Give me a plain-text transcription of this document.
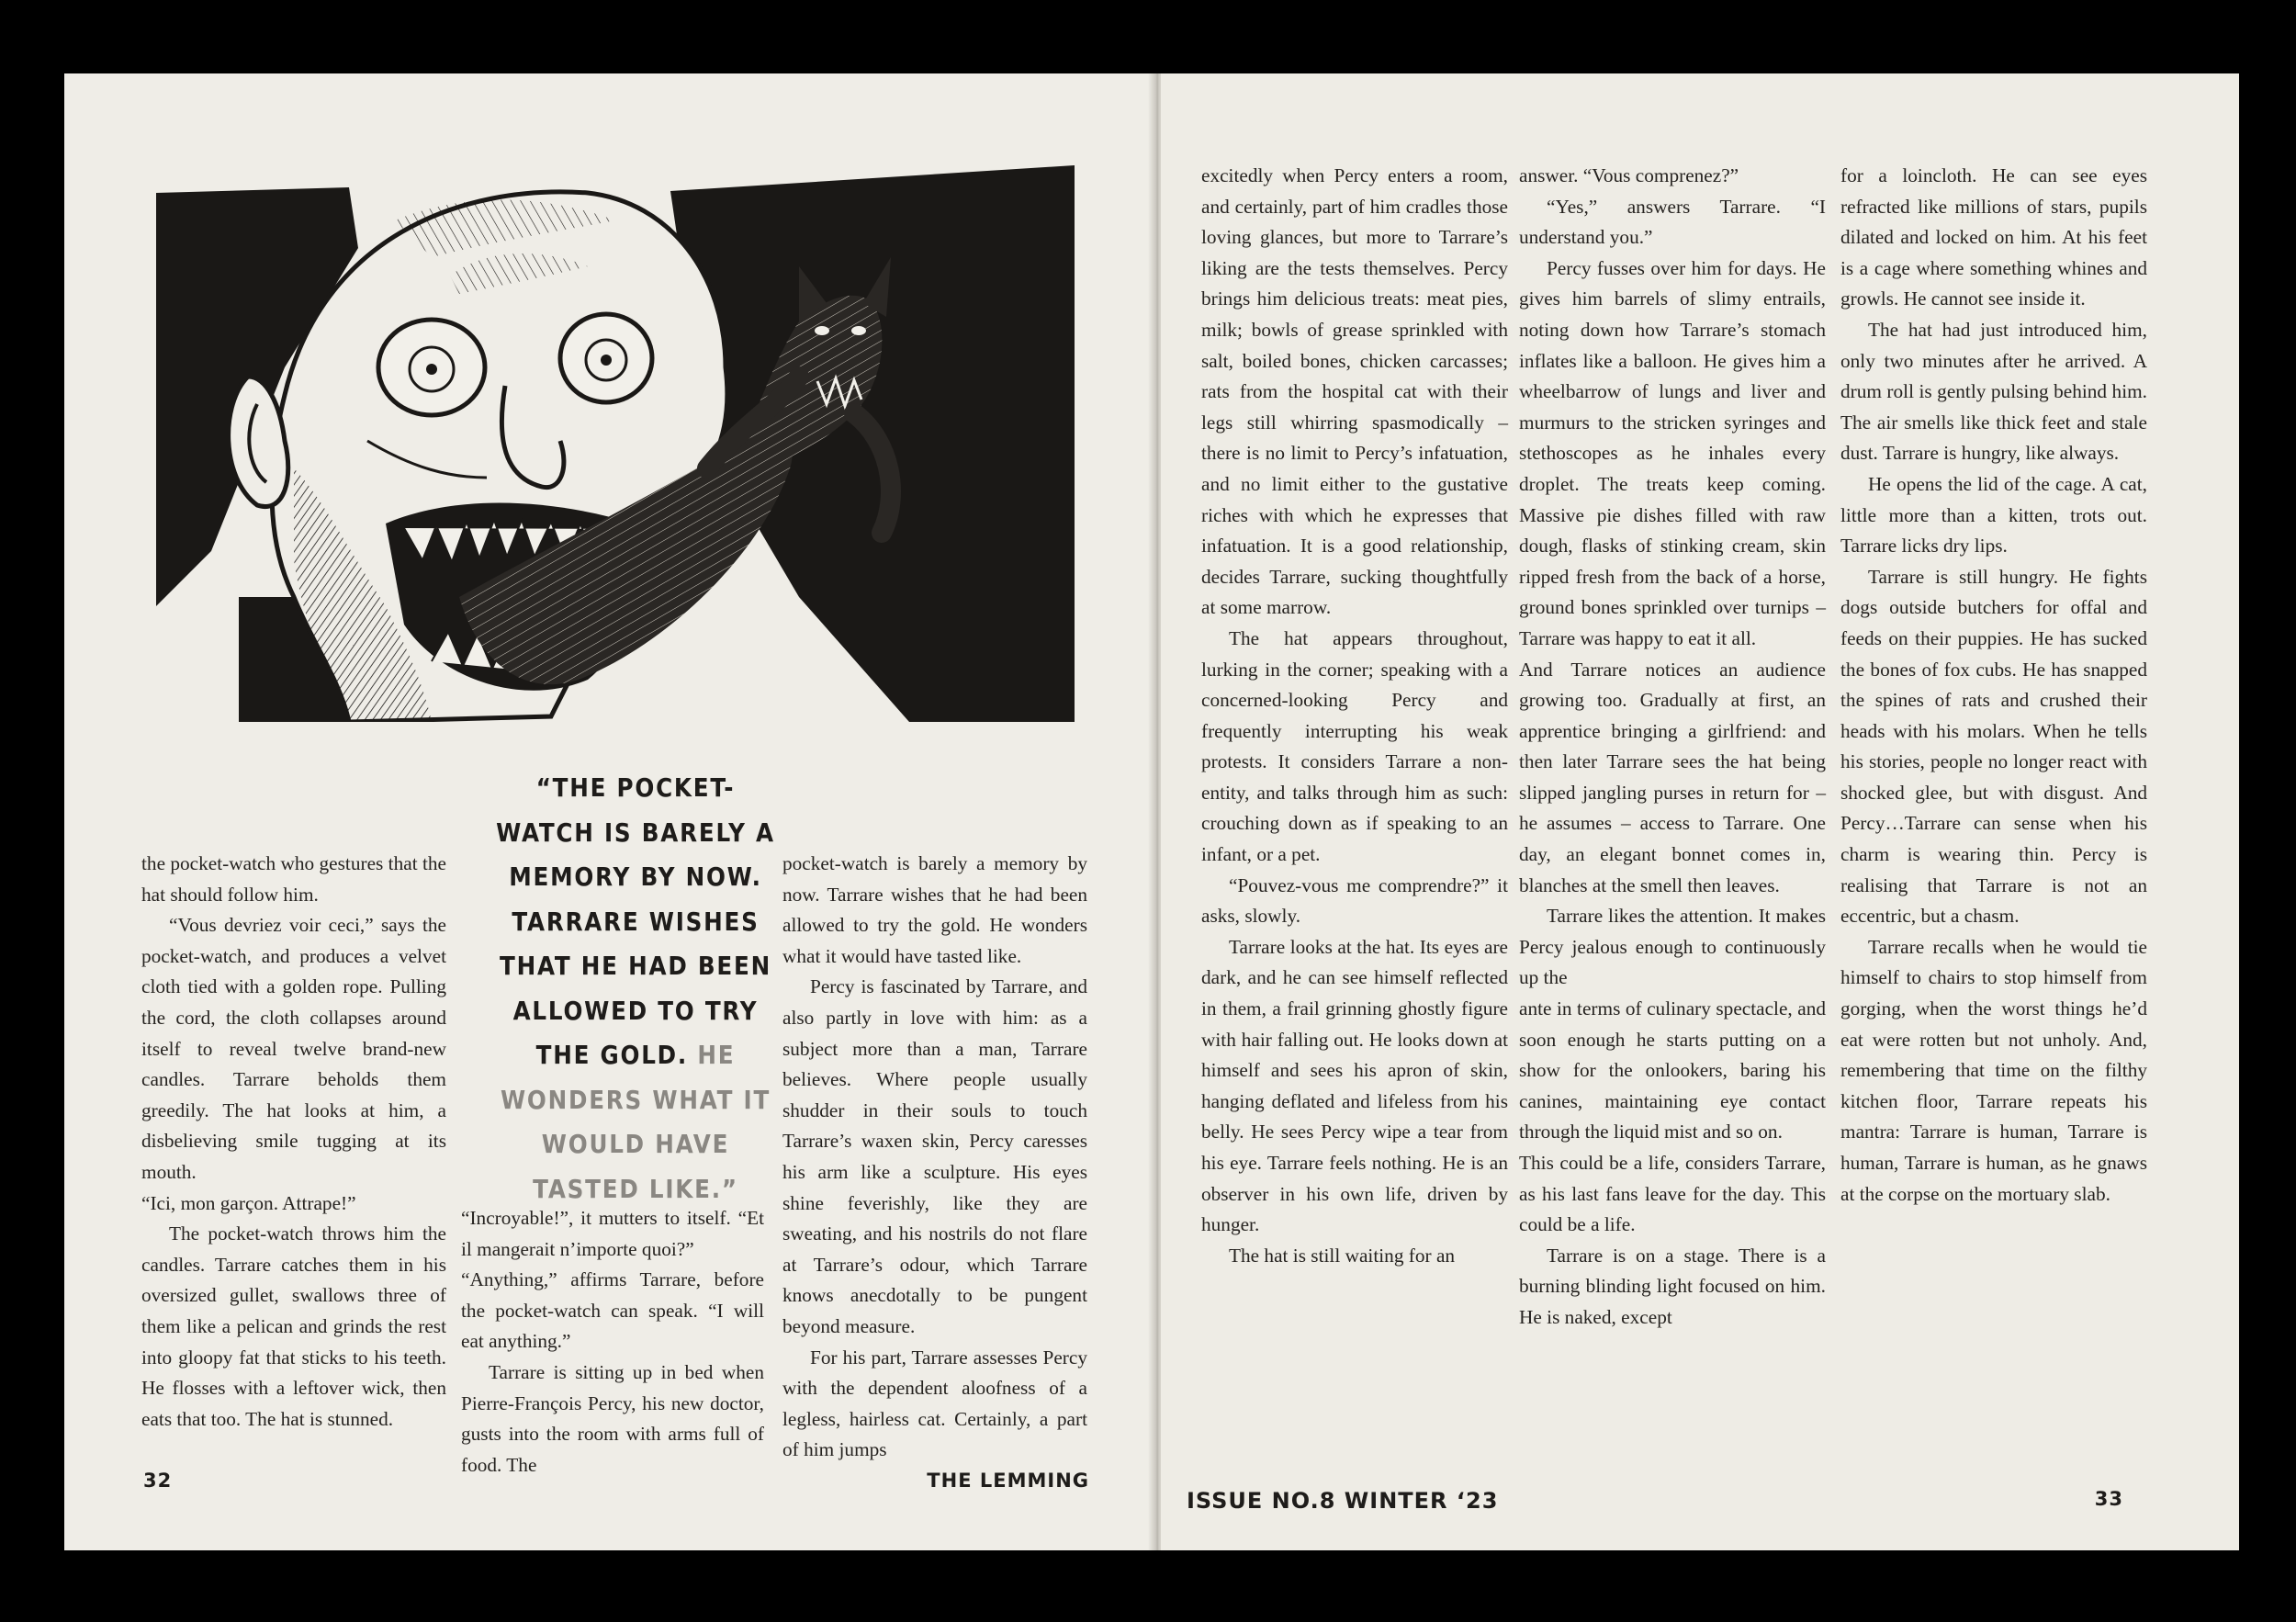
the pocket-watch who gestures that the hat should follow him.

“Vous devriez voir ceci,” says the pocket-watch, and produces a velvet cloth tied with a golden rope. Pulling the cord, the cloth collapses around itself to reveal twelve brand-new candles. Tarrare beholds them greedily. The hat looks at him, a disbelieving smile tugging at its mouth.

“Ici, mon garçon. Attrape!”

The pocket-watch throws him the candles. Tarrare catches them in his oversized gullet, swallows three of them like a pelican and grinds the rest into gloopy fat that sticks to his teeth. He flosses with a leftover wick, then eats that too. The hat is stunned.

“THE POCKET-WATCH IS BARELY A MEMORY BY NOW. TARRARE WISHES THAT HE HAD BEEN ALLOWED TO TRY THE GOLD. HE WONDERS WHAT IT WOULD HAVE TASTED LIKE.”

“Incroyable!”, it mutters to itself. “Et il mangerait n’importe quoi?”

“Anything,” affirms Tarrare, before the pocket-watch can speak. “I will eat anything.”

Tarrare is sitting up in bed when Pierre-François Percy, his new doctor, gusts into the room with arms full of food. The

pocket-watch is barely a memory by now. Tarrare wishes that he had been allowed to try the gold. He wonders what it would have tasted like.

Percy is fascinated by Tarrare, and also partly in love with him: as a subject more than a man, Tarrare believes. Where people usually shudder in their souls to touch Tarrare’s waxen skin, Percy caresses his arm like a sculpture. His eyes shine feverishly, like they are sweating, and his nostrils do not flare at Tarrare’s odour, which Tarrare knows anecdotally to be pungent beyond measure.

For his part, Tarrare assesses Percy with the dependent aloofness of a legless, hairless cat. Certainly, a part of him jumps

32	THE LEMMING

excitedly when Percy enters a room, and certainly, part of him cradles those loving glances, but more to Tarrare’s liking are the tests themselves. Percy brings him delicious treats: meat pies, milk; bowls of grease sprinkled with salt, boiled bones, chicken carcasses; rats from the hospital cat with their legs still whirring spasmodically – there is no limit to Percy’s infatuation, and no limit either to the gustative riches with which he expresses that infatuation. It is a good relationship, decides Tarrare, sucking thoughtfully at some marrow.

The hat appears throughout, lurking in the corner; speaking with a concerned-looking Percy and frequently interrupting his weak protests. It considers Tarrare a non-entity, and talks through him as such: crouching down as if speaking to an infant, or a pet.

“Pouvez-vous me comprendre?” it asks, slowly.

Tarrare looks at the hat. Its eyes are dark, and he can see himself reflected in them, a frail grinning ghostly figure with hair falling out. He looks down at himself and sees his apron of skin, hanging deflated and lifeless from his belly. He sees Percy wipe a tear from his eye. Tarrare feels nothing. He is an observer in his own life, driven by hunger.

The hat is still waiting for an

answer. “Vous comprenez?”

“Yes,” answers Tarrare. “I understand you.”

Percy fusses over him for days. He gives him barrels of slimy entrails, noting down how Tarrare’s stomach inflates like a balloon. He gives him a wheelbarrow of lungs and liver and murmurs to the stricken syringes and stethoscopes as he inhales every droplet. The treats keep coming. Massive pie dishes filled with raw dough, flasks of stinking cream, skin ripped fresh from the back of a horse, ground bones sprinkled over turnips – Tarrare was happy to eat it all.

And Tarrare notices an audience growing too. Gradually at first, an apprentice bringing a girlfriend: and then later Tarrare sees the hat being slipped jangling purses in return for – he assumes – access to Tarrare. One day, an elegant bonnet comes in, blanches at the smell then leaves.

Tarrare likes the attention. It makes Percy jealous enough to continuously up the

ante in terms of culinary spectacle, and soon enough he starts putting on a show for the onlookers, baring his canines, maintaining eye contact through the liquid mist and so on.

This could be a life, considers Tarrare, as his last fans leave for the day. This could be a life.

Tarrare is on a stage. There is a burning blinding light focused on him. He is naked, except

for a loincloth. He can see eyes refracted like millions of stars, pupils dilated and locked on him. At his feet is a cage where something whines and growls. He cannot see inside it.

The hat had just introduced him, only two minutes after he arrived. A drum roll is gently pulsing behind him. The air smells like thick feet and stale dust. Tarrare is hungry, like always.

He opens the lid of the cage. A cat, little more than a kitten, trots out. Tarrare licks dry lips.

Tarrare is still hungry. He fights dogs outside butchers for offal and feeds on their puppies. He has sucked the bones of fox cubs. He has snapped the spines of rats and crushed their heads with his molars. When he tells his stories, people no longer react with shocked glee, but with disgust. And Percy…Tarrare can sense when his charm is wearing thin. Percy is realising that Tarrare is not an eccentric, but a chasm.

Tarrare recalls when he would tie himself to chairs to stop himself from gorging, when the worst things he’d eat were rotten but not unholy. And, remembering that time on the filthy kitchen floor, Tarrare repeats his mantra: Tarrare is human, Tarrare is human, Tarrare is human, as he gnaws at the corpse on the mortuary slab.

ISSUE NO.8 WINTER ‘23	33
